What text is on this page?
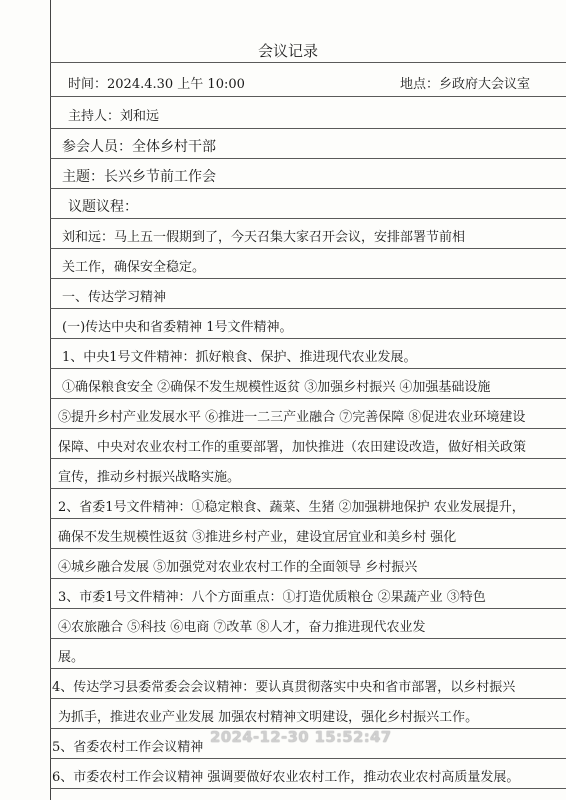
会议记录
时间：2024.4.30 上午 10:00	地点：乡政府大会议室
主持人：刘和远
参会人员：全体乡村干部
主题：长兴乡节前工作会
议题议程：
刘和远：马上五一假期到了，今天召集大家召开会议，安排部署节前相
关工作，确保安全稳定。
一、传达学习精神
(一)传达中央和省委精神 1号文件精神。
1、中央1号文件精神：抓好粮食、保护、推进现代农业发展。
①确保粮食安全 ②确保不发生规模性返贫 ③加强乡村振兴 ④加强基础设施
⑤提升乡村产业发展水平 ⑥推进一二三产业融合 ⑦完善保障 ⑧促进农业环境建设
保障、中央对农业农村工作的重要部署，加快推进（农田建设改造，做好相关政策
宣传，推动乡村振兴战略实施。
2、省委1号文件精神：①稳定粮食、蔬菜、生猪 ②加强耕地保护 农业发展提升，
确保不发生规模性返贫 ③推进乡村产业，建设宜居宜业和美乡村 强化
④城乡融合发展 ⑤加强党对农业农村工作的全面领导 乡村振兴
3、市委1号文件精神：八个方面重点：①打造优质粮仓 ②果蔬产业 ③特色
④农旅融合 ⑤科技 ⑥电商 ⑦改革 ⑧人才，奋力推进现代农业发
展。
4、传达学习县委常委会会议精神：要认真贯彻落实中央和省市部署，以乡村振兴
为抓手，推进农业产业发展 加强农村精神文明建设，强化乡村振兴工作。
5、省委农村工作会议精神
6、市委农村工作会议精神 强调要做好农业农村工作，推动农业农村高质量发展。
2024-12-30 15:52:47
